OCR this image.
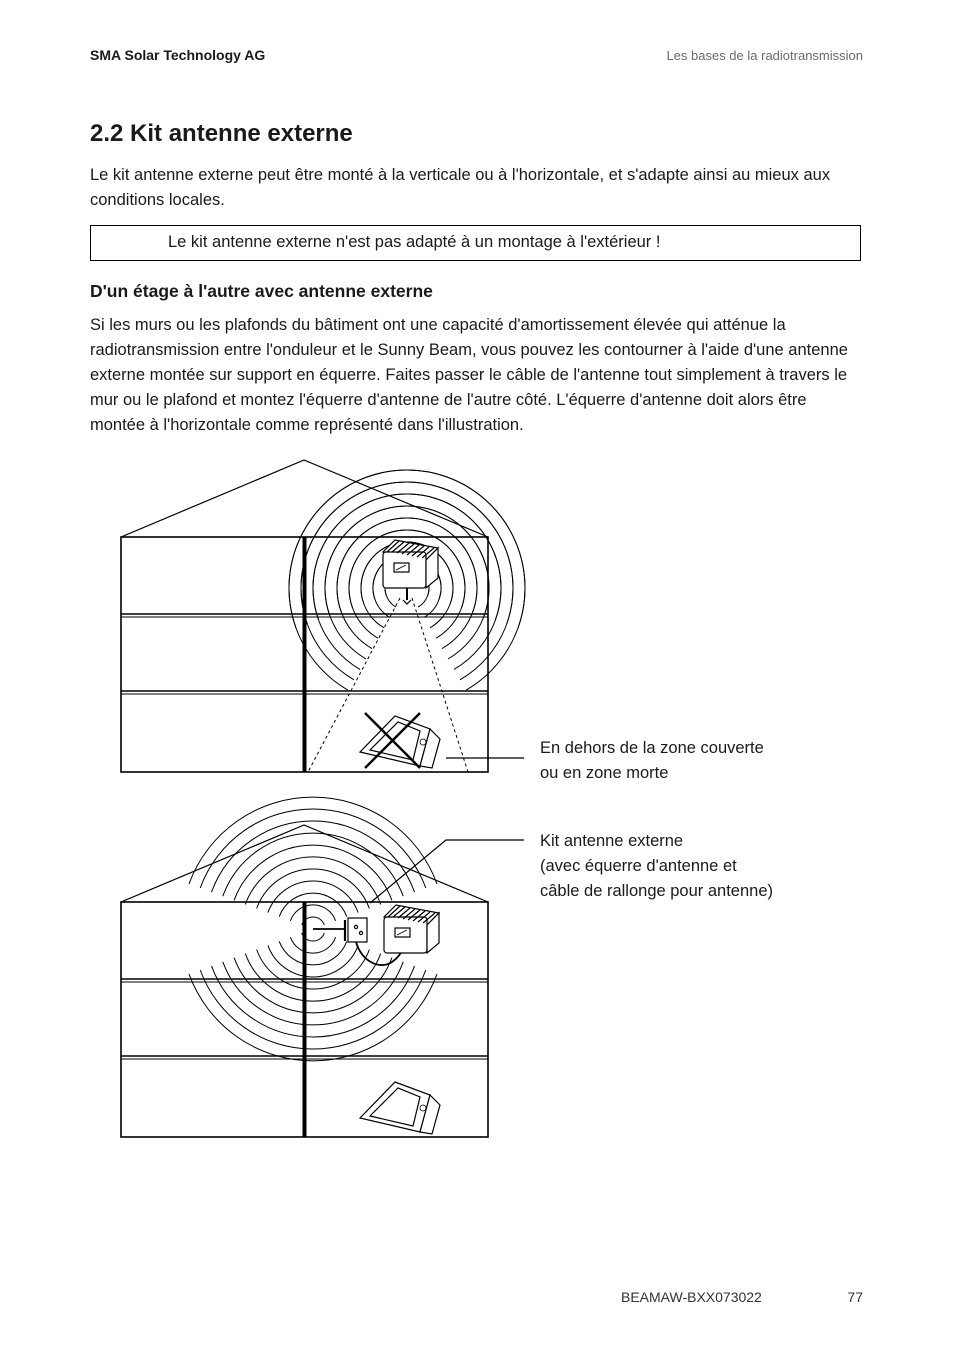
SMA Solar Technology AG	Les bases de la radiotransmission
2.2 Kit antenne externe

Le kit antenne externe peut être monté à la verticale ou à l'horizontale, et s'adapte ainsi au mieux aux conditions locales.

Le kit antenne externe n'est pas adapté à un montage à l'extérieur !
D'un étage à l'autre avec antenne externe

Si les murs ou les plafonds du bâtiment ont une capacité d'amortissement élevée qui atténue la radiotransmission entre l'onduleur et le Sunny Beam, vous pouvez les contourner à l'aide d'une antenne externe montée sur support en équerre. Faites passer le câble de l'antenne tout simplement à travers le mur ou le plafond et montez l'équerre d'antenne de l'autre côté. L'équerre d'antenne doit alors être montée à l'horizontale comme représenté dans l'illustration.

En dehors de la zone couverte
ou en zone morte
Kit antenne externe
(avec équerre d'antenne et
câble de rallonge pour antenne)
BEAMAW-BXX073022	77
